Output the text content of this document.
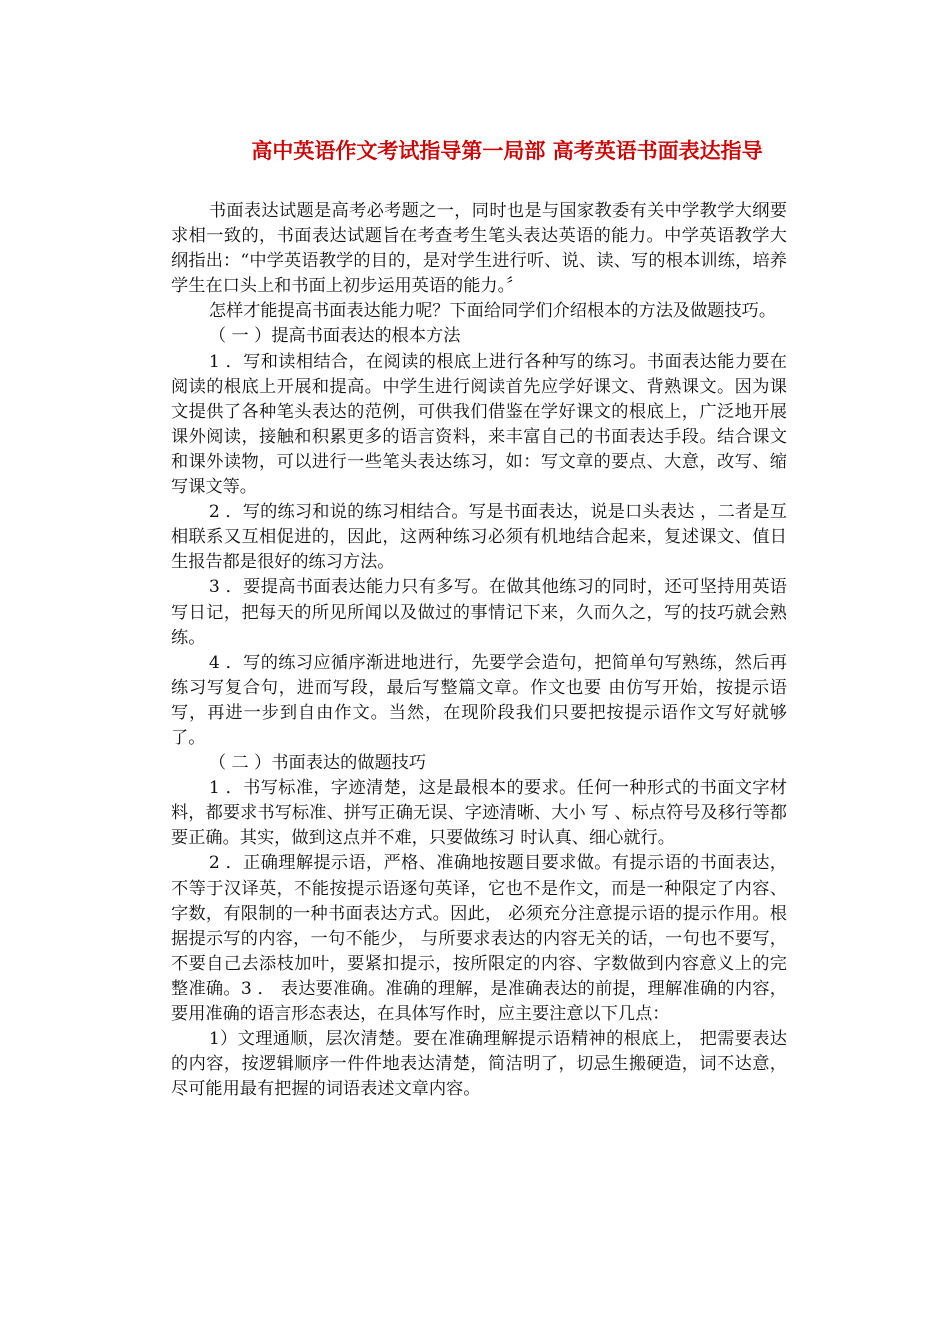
高中英语作文考试指导第一局部 高考英语书面表达指导

书面表达试题是高考必考题之一，同时也是与国家教委有关中学教学大纲要求相一致的，书面表达试题旨在考查考生笔头表达英语的能力。中学英语教学大纲指出：“中学英语教学的目的，是对学生进行听、说、读、写的根本训练，培养学生在口头上和书面上初步运用英语的能力。〞

怎样才能提高书面表达能力呢？下面给同学们介绍根本的方法及做题技巧。

（ 一 ）提高书面表达的根本方法

1 ．写和读相结合，在阅读的根底上进行各种写的练习。书面表达能力要在阅读的根底上开展和提高。中学生进行阅读首先应学好课文、背熟课文。因为课文提供了各种笔头表达的范例，可供我们借鉴在学好课文的根底上，广泛地开展课外阅读，接触和积累更多的语言资料，来丰富自己的书面表达手段。结合课文和课外读物，可以进行一些笔头表达练习，如：写文章的要点、大意，改写、缩写课文等。

2 ．写的练习和说的练习相结合。写是书面表达，说是口头表达 ，二者是互相联系又互相促进的，因此，这两种练习必须有机地结合起来，复述课文、值日生报告都是很好的练习方法。

3 ．要提高书面表达能力只有多写。在做其他练习的同时，还可坚持用英语写日记，把每天的所见所闻以及做过的事情记下来，久而久之，写的技巧就会熟练。

4 ．写的练习应循序渐进地进行，先要学会造句，把简单句写熟练，然后再练习写复合句，进而写段，最后写整篇文章。作文也要 由仿写开始，按提示语写，再进一步到自由作文。当然，在现阶段我们只要把按提示语作文写好就够了。

（ 二 ）书面表达的做题技巧

1 ．书写标准，字迹清楚，这是最根本的要求。任何一种形式的书面文字材料，都要求书写标准、拼写正确无误、字迹清晰、大小 写 、标点符号及移行等都要正确。其实，做到这点并不难，只要做练习 时认真、细心就行。

2 ．正确理解提示语，严格、准确地按题目要求做。有提示语的书面表达，不等于汉译英，不能按提示语逐句英译，它也不是作文，而是一种限定了内容、字数，有限制的一种书面表达方式。因此， 必须充分注意提示语的提示作用。根据提示写的内容，一句不能少， 与所要求表达的内容无关的话，一句也不要写，不要自己去添枝加叶，要紧扣提示，按所限定的内容、字数做到内容意义上的完整准确。3 ． 表达要准确。准确的理解，是准确表达的前提，理解准确的内容，要用准确的语言形态表达，在具体写作时，应主要注意以下几点：

1）文理通顺，层次清楚。要在准确理解提示语精神的根底上， 把需要表达的内容，按逻辑顺序一件件地表达清楚，简洁明了，切忌生搬硬造，词不达意，尽可能用最有把握的词语表述文章内容。
